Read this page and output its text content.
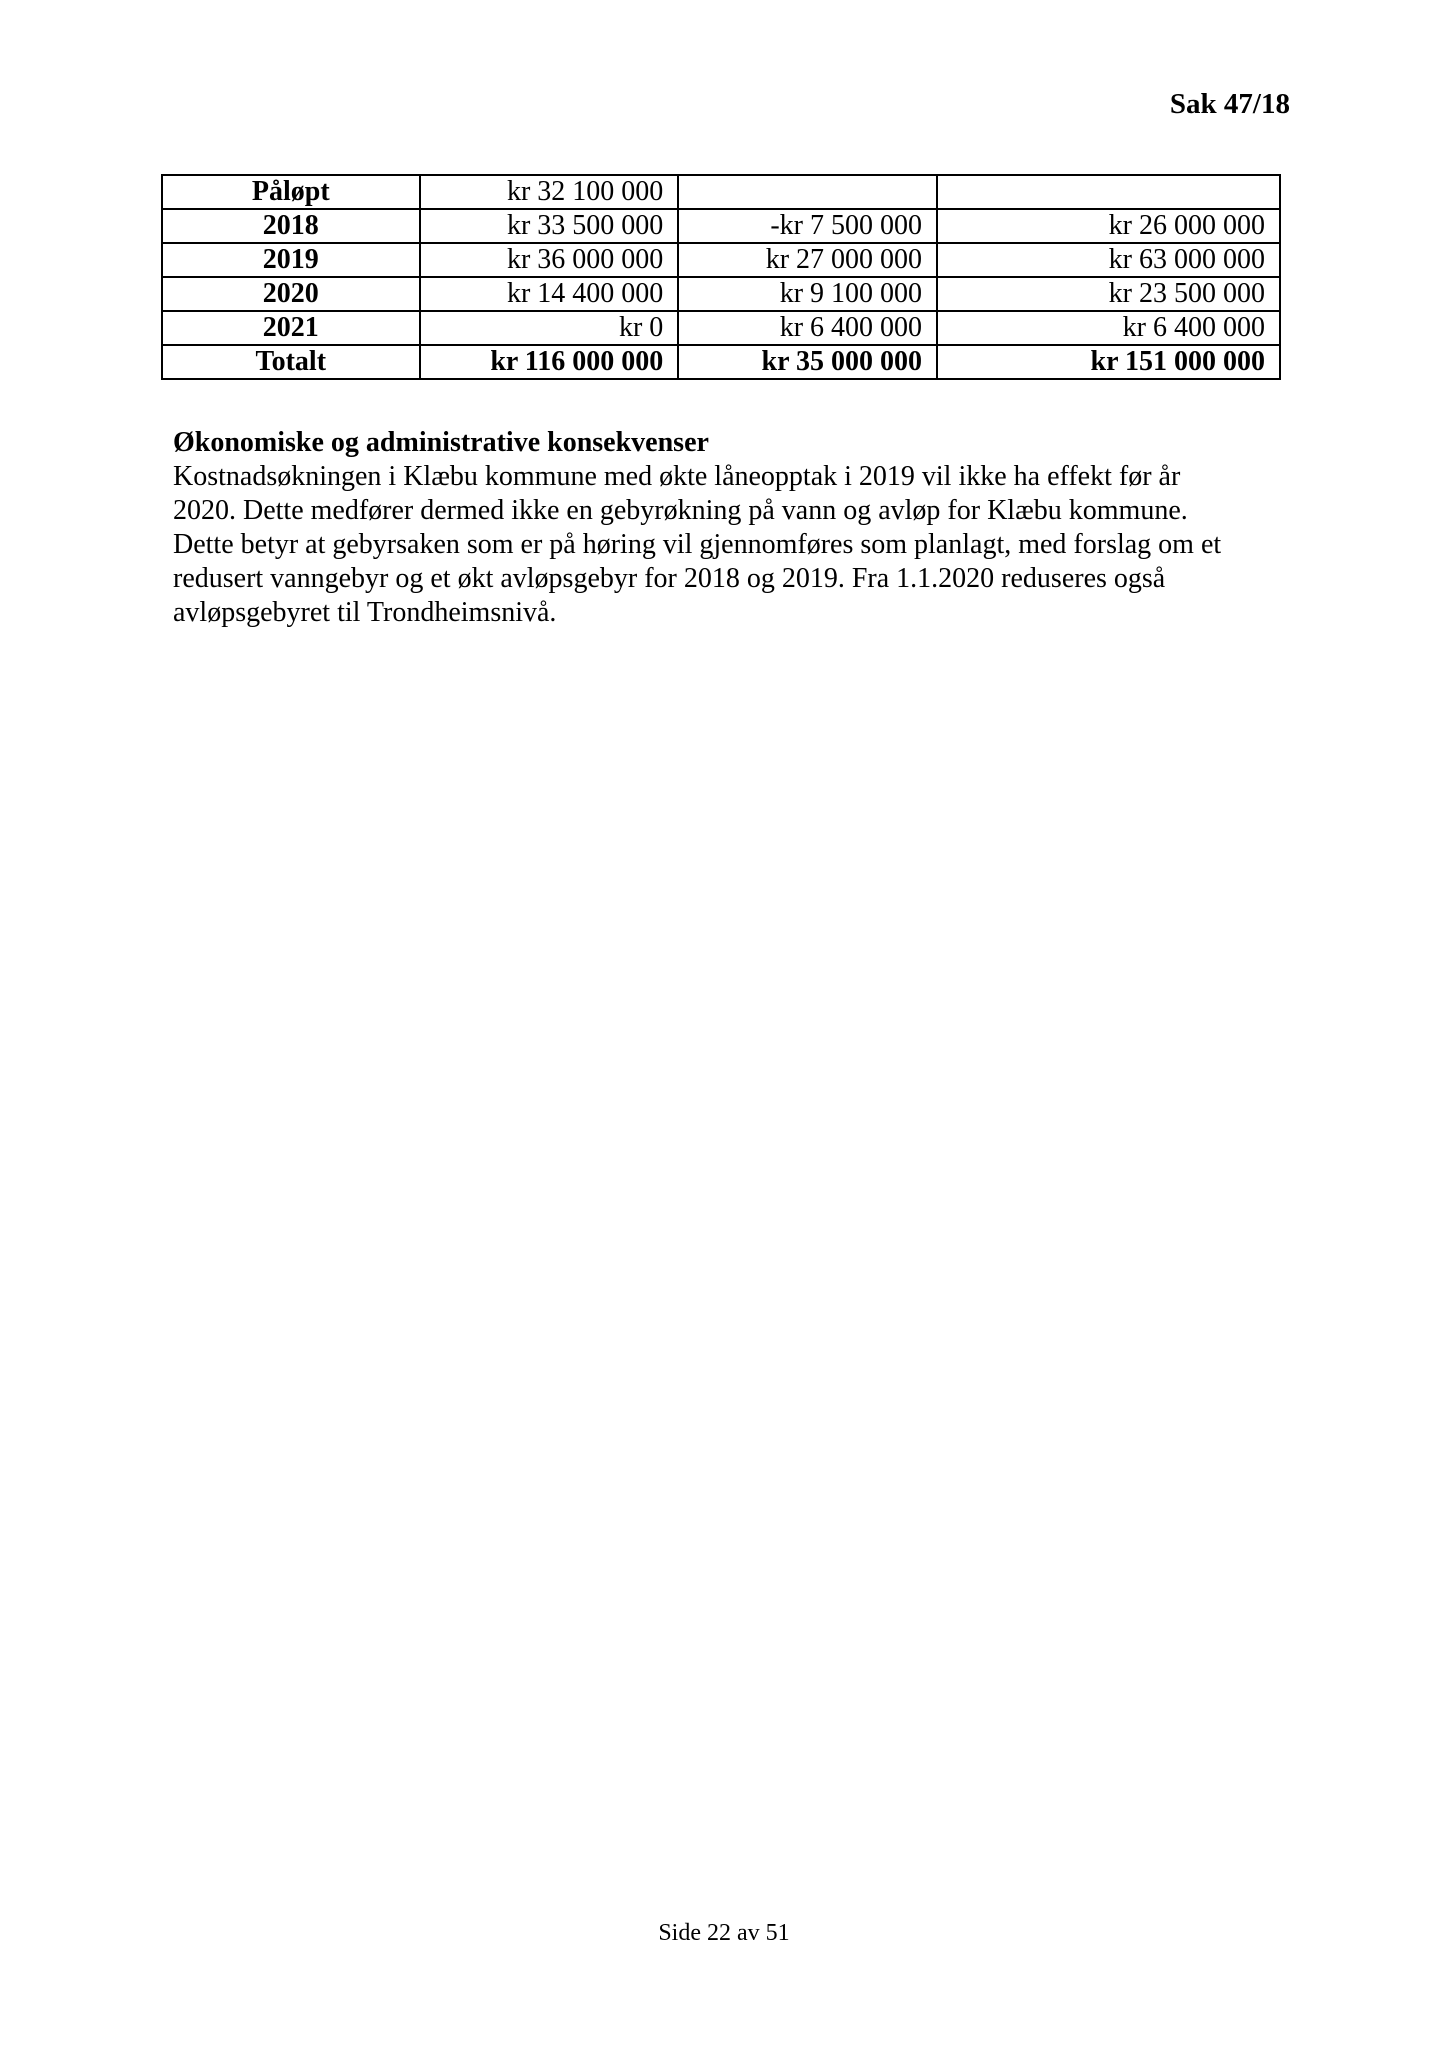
Sak 47/18
Påløpt	kr 32 100 000		
2018	kr 33 500 000	-kr 7 500 000	kr 26 000 000
2019	kr 36 000 000	kr 27 000 000	kr 63 000 000
2020	kr 14 400 000	kr 9 100 000	kr 23 500 000
2021	kr 0	kr 6 400 000	kr 6 400 000
Totalt	kr 116 000 000	kr 35 000 000	kr 151 000 000
Økonomiske og administrative konsekvenser

Kostnadsøkningen i Klæbu kommune med økte låneopptak i 2019 vil ikke ha effekt før år
2020. Dette medfører dermed ikke en gebyrøkning på vann og avløp for Klæbu kommune.
Dette betyr at gebyrsaken som er på høring vil gjennomføres som planlagt, med forslag om et
redusert vanngebyr og et økt avløpsgebyr for 2018 og 2019. Fra 1.1.2020 reduseres også
avløpsgebyret til Trondheimsnivå.

Side 22 av 51
